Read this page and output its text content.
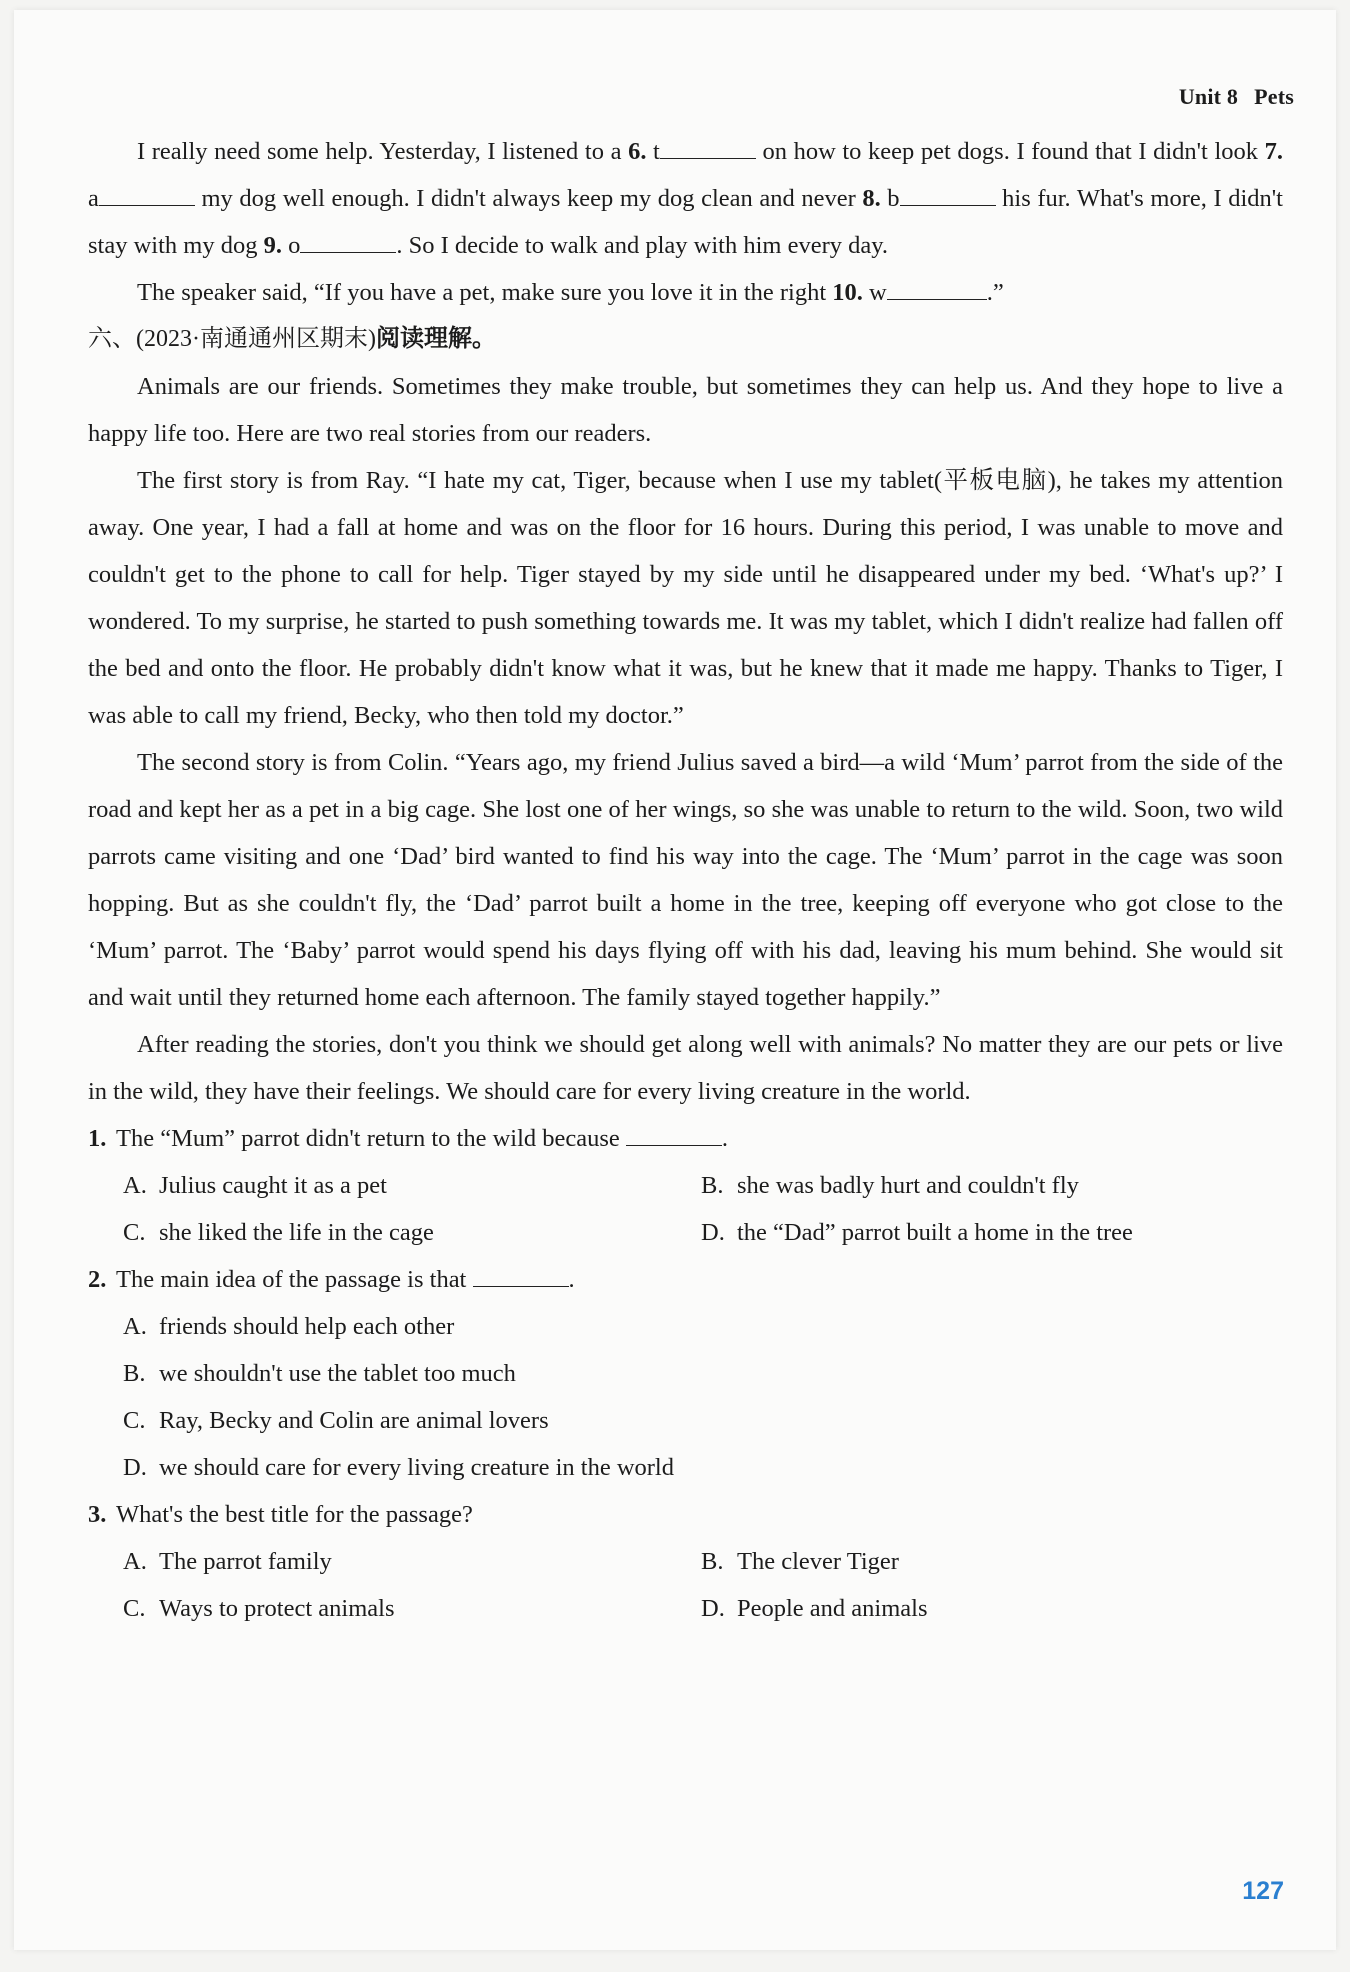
Unit 8 Pets

I really need some help. Yesterday, I listened to a 6. t	on how to keep pet dogs. I found that I didn't look 7. a	my dog well enough. I didn't always keep my dog clean and never 8. b	his fur. What's more, I didn't stay with my dog 9. o	. So I decide to walk and play with him every day.

The speaker said, “If you have a pet, make sure you love it in the right 10. w	.”

六、(2023·南通通州区期末)阅读理解。

Animals are our friends. Sometimes they make trouble, but sometimes they can help us. And they hope to live a happy life too. Here are two real stories from our readers.

The first story is from Ray. “I hate my cat, Tiger, because when I use my tablet(平板电脑), he takes my attention away. One year, I had a fall at home and was on the floor for 16 hours. During this period, I was unable to move and couldn't get to the phone to call for help. Tiger stayed by my side until he disappeared under my bed. ‘What's up?’ I wondered. To my surprise, he started to push something towards me. It was my tablet, which I didn't realize had fallen off the bed and onto the floor. He probably didn't know what it was, but he knew that it made me happy. Thanks to Tiger, I was able to call my friend, Becky, who then told my doctor.”

The second story is from Colin. “Years ago, my friend Julius saved a bird—a wild ‘Mum’ parrot from the side of the road and kept her as a pet in a big cage. She lost one of her wings, so she was unable to return to the wild. Soon, two wild parrots came visiting and one ‘Dad’ bird wanted to find his way into the cage. The ‘Mum’ parrot in the cage was soon hopping. But as she couldn't fly, the ‘Dad’ parrot built a home in the tree, keeping off everyone who got close to the ‘Mum’ parrot. The ‘Baby’ parrot would spend his days flying off with his dad, leaving his mum behind. She would sit and wait until they returned home each afternoon. The family stayed together happily.”

After reading the stories, don't you think we should get along well with animals? No matter they are our pets or live in the wild, they have their feelings. We should care for every living creature in the world.

1. The “Mum” parrot didn't return to the wild because	.
A. Julius caught it as a pet	B. she was badly hurt and couldn't fly
C. she liked the life in the cage	D. the “Dad” parrot built a home in the tree
2. The main idea of the passage is that	.
A. friends should help each other
B. we shouldn't use the tablet too much
C. Ray, Becky and Colin are animal lovers
D. we should care for every living creature in the world
3. What's the best title for the passage?
A. The parrot family	B. The clever Tiger
C. Ways to protect animals	D. People and animals
127
